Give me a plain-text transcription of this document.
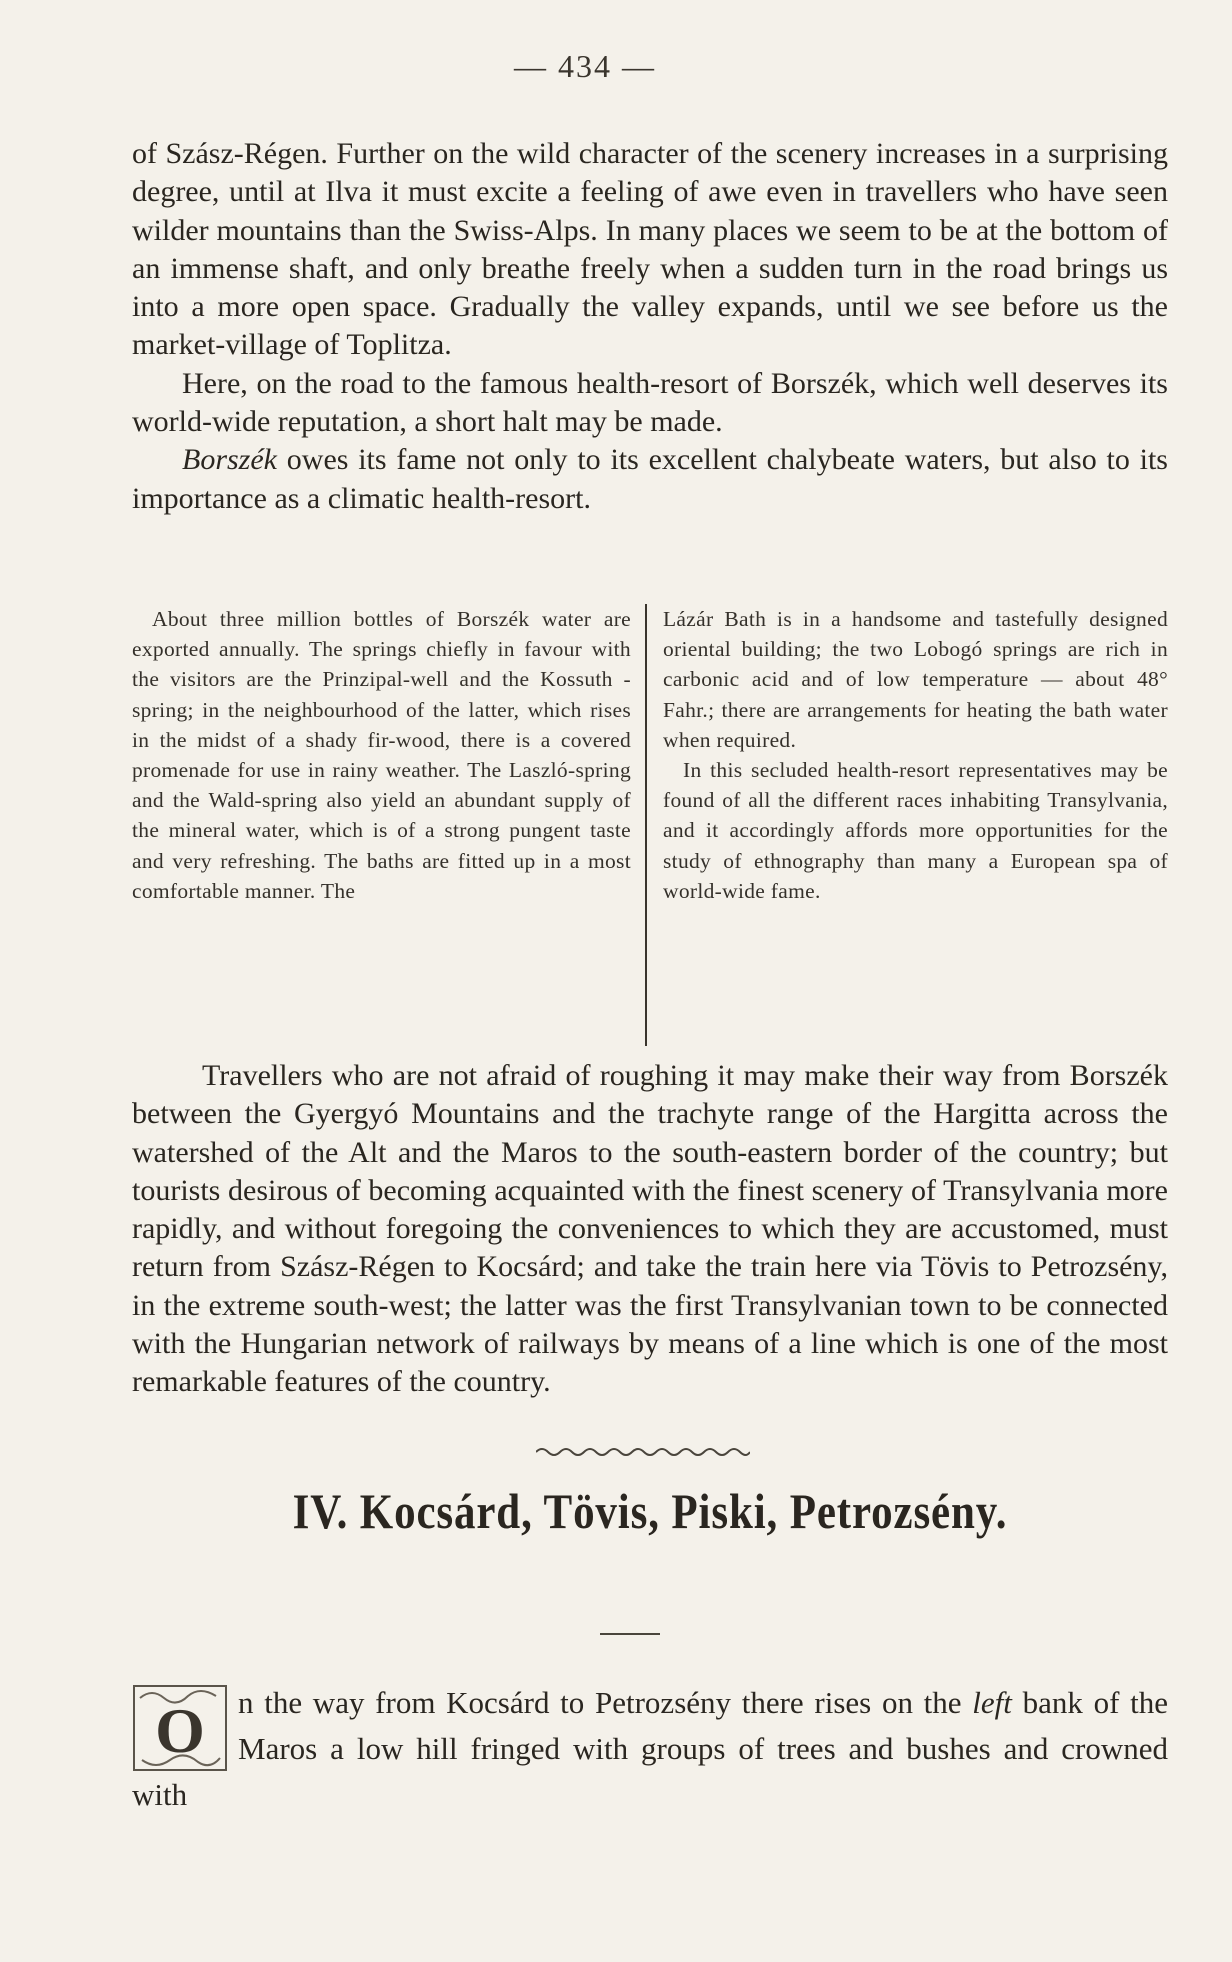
— 434 —

of Szász-Régen. Further on the wild character of the scenery increases in a surprising degree, until at Ilva it must excite a feeling of awe even in travellers who have seen wilder mountains than the Swiss-Alps. In many places we seem to be at the bottom of an immense shaft, and only breathe freely when a sudden turn in the road brings us into a more open space. Gradually the valley expands, until we see before us the market-village of Toplitza.

Here, on the road to the famous health-resort of Borszék, which well deserves its world-wide reputation, a short halt may be made.

Borszék owes its fame not only to its excellent chalybeate waters, but also to its importance as a climatic health-resort.

About three million bottles of Borszék water are exported annually. The springs chiefly in favour with the visitors are the Prinzipal-well and the Kossuth - spring; in the neighbourhood of the latter, which rises in the midst of a shady fir-wood, there is a covered promenade for use in rainy weather. The Laszló-spring and the Wald-spring also yield an abundant supply of the mineral water, which is of a strong pungent taste and very refreshing. The baths are fitted up in a most comfortable manner. The

Lázár Bath is in a handsome and tastefully designed oriental building; the two Lobogó springs are rich in carbonic acid and of low temperature — about 48° Fahr.; there are arrangements for heating the bath water when required.

In this secluded health-resort representatives may be found of all the different races inhabiting Transylvania, and it accordingly affords more opportunities for the study of ethnography than many a European spa of world-wide fame.

Travellers who are not afraid of roughing it may make their way from Borszék between the Gyergyó Mountains and the trachyte range of the Hargitta across the watershed of the Alt and the Maros to the south-eastern border of the country; but tourists desirous of becoming acquainted with the finest scenery of Transylvania more rapidly, and without foregoing the conveniences to which they are accustomed, must return from Szász-Régen to Kocsárd; and take the train here via Tövis to Petrozsény, in the extreme south-west; the latter was the first Transylvanian town to be connected with the Hungarian network of railways by means of a line which is one of the most remarkable features of the country.

IV. Kocsárd, Tövis, Piski, Petrozsény.
O	n the way from Kocsárd to Petrozsény there rises on the left bank of the Maros a low hill fringed with groups of trees and bushes and crowned with
